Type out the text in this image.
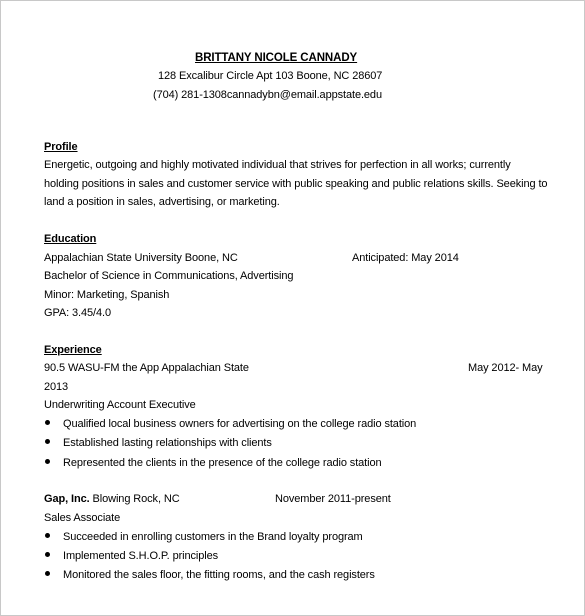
BRITTANY NICOLE CANNADY
128 Excalibur Circle Apt 103 Boone, NC 28607
(704) 281-1308cannadybn@email.appstate.edu
Profile
Energetic, outgoing and highly motivated individual that strives for perfection in all works; currently
holding positions in sales and customer service with public speaking and public relations skills. Seeking to
land a position in sales, advertising, or marketing.
Education
Appalachian State University Boone, NC	Anticipated: May 2014
Bachelor of Science in Communications, Advertising
Minor: Marketing, Spanish
GPA: 3.45/4.0
Experience
90.5 WASU-FM the App Appalachian State	May 2012- May
2013
Underwriting Account Executive
Qualified local business owners for advertising on the college radio station
Established lasting relationships with clients
Represented the clients in the presence of the college radio station
Gap, Inc. Blowing Rock, NC	November 2011-present
Sales Associate
Succeeded in enrolling customers in the Brand loyalty program
Implemented S.H.O.P. principles
Monitored the sales floor, the fitting rooms, and the cash registers
